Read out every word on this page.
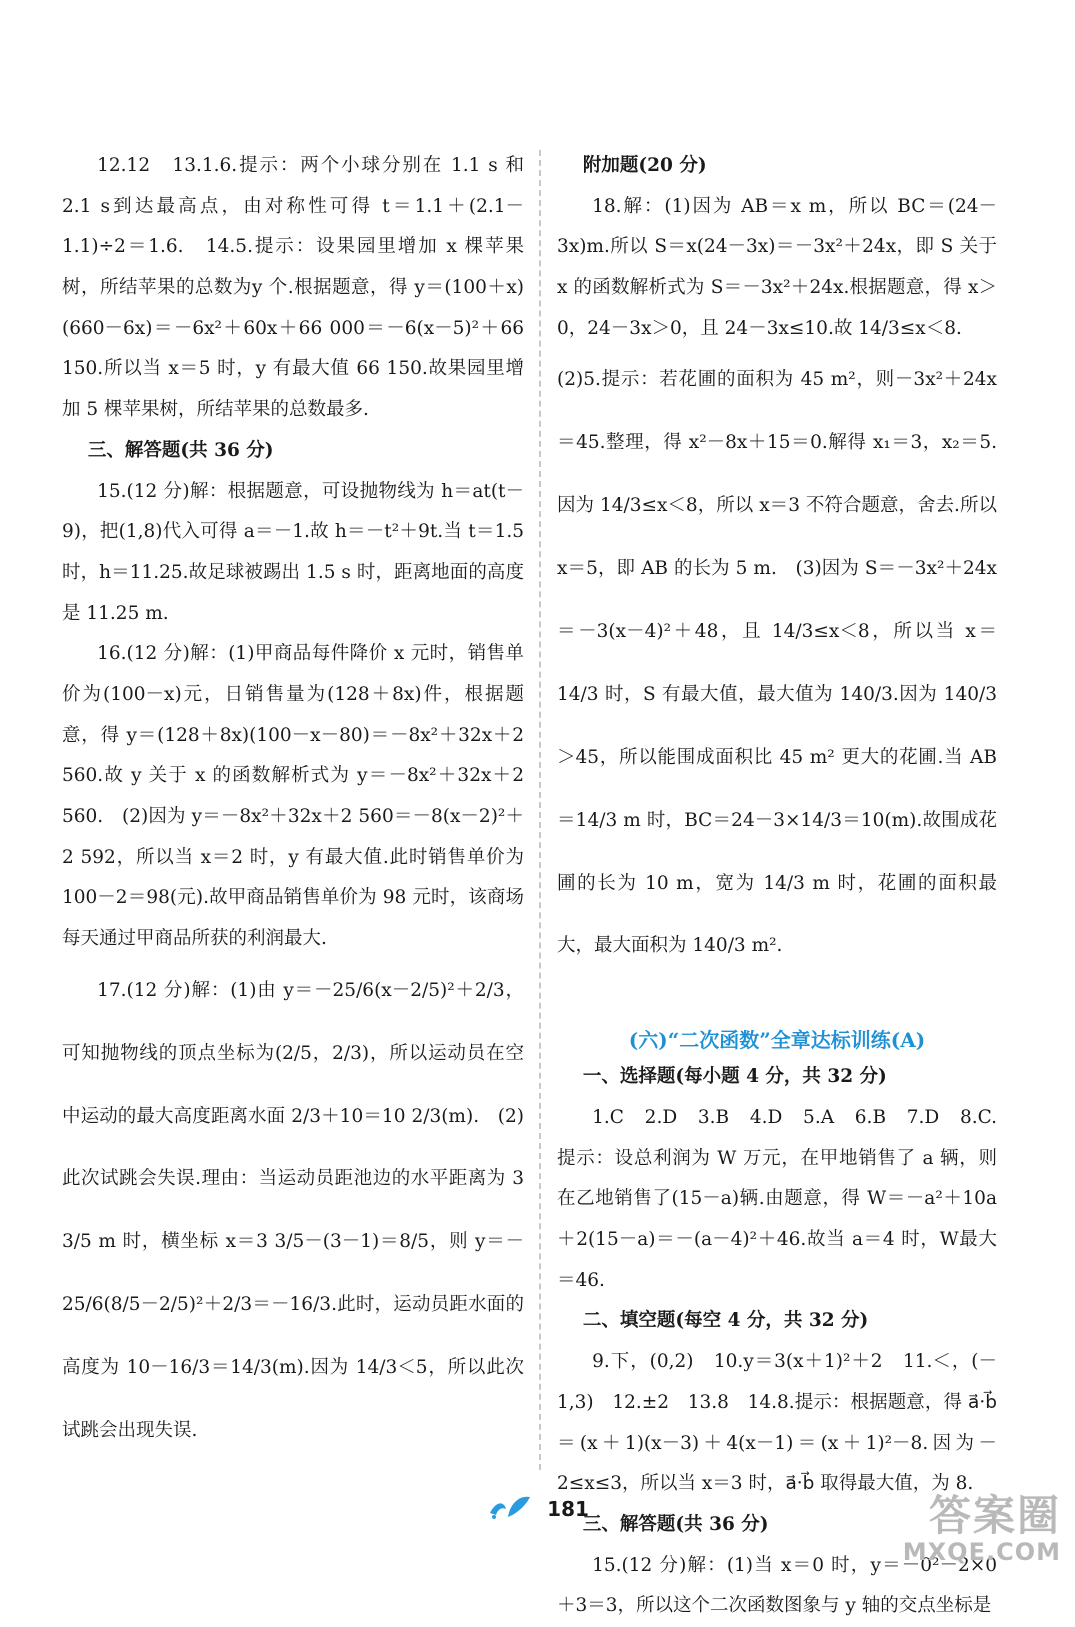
12.12　13.1.6.提示：两个小球分别在 1.1 s 和 2.1 s到达最高点，由对称性可得 t＝1.1＋(2.1－1.1)÷2＝1.6.　14.5.提示：设果园里增加 x 棵苹果树，所结苹果的总数为y 个.根据题意，得 y＝(100＋x)(660－6x)＝－6x²＋60x＋66 000＝－6(x－5)²＋66 150.所以当 x＝5 时，y 有最大值 66 150.故果园里增加 5 棵苹果树，所结苹果的总数最多.

三、解答题(共 36 分)

15.(12 分)解：根据题意，可设抛物线为 h＝at(t－9)，把(1,8)代入可得 a＝－1.故 h＝－t²＋9t.当 t＝1.5 时，h＝11.25.故足球被踢出 1.5 s 时，距离地面的高度是 11.25 m.

16.(12 分)解：(1)甲商品每件降价 x 元时，销售单价为(100－x)元，日销售量为(128＋8x)件，根据题意，得 y＝(128＋8x)(100－x－80)＝－8x²＋32x＋2 560.故 y 关于 x 的函数解析式为 y＝－8x²＋32x＋2 560.　(2)因为 y＝－8x²＋32x＋2 560＝－8(x－2)²＋2 592，所以当 x＝2 时，y 有最大值.此时销售单价为100－2＝98(元).故甲商品销售单价为 98 元时，该商场每天通过甲商品所获的利润最大.

17.(12 分)解：(1)由 y＝－25/6(x－2/5)²＋2/3，可知抛物线的顶点坐标为(2/5，2/3)，所以运动员在空中运动的最大高度距离水面 2/3＋10＝10 2/3(m).　(2)此次试跳会失误.理由：当运动员距池边的水平距离为 3 3/5 m 时，横坐标 x＝3 3/5－(3－1)＝8/5，则 y＝－25/6(8/5－2/5)²＋2/3＝－16/3.此时，运动员距水面的高度为 10－16/3＝14/3(m).因为 14/3＜5，所以此次试跳会出现失误.

附加题(20 分)

18.解：(1)因为 AB＝x m，所以 BC＝(24－3x)m.所以 S＝x(24－3x)＝－3x²＋24x，即 S 关于 x 的函数解析式为 S＝－3x²＋24x.根据题意，得 x＞0，24－3x＞0，且 24－3x≤10.故 14/3≤x＜8.

(2)5.提示：若花圃的面积为 45 m²，则－3x²＋24x＝45.整理，得 x²－8x＋15＝0.解得 x₁＝3，x₂＝5.因为 14/3≤x＜8，所以 x＝3 不符合题意，舍去.所以 x＝5，即 AB 的长为 5 m.　(3)因为 S＝－3x²＋24x＝－3(x－4)²＋48，且 14/3≤x＜8，所以当 x＝14/3 时，S 有最大值，最大值为 140/3.因为 140/3＞45，所以能围成面积比 45 m² 更大的花圃.当 AB＝14/3 m 时，BC＝24－3×14/3＝10(m).故围成花圃的长为 10 m，宽为 14/3 m 时，花圃的面积最大，最大面积为 140/3 m².

(六)“二次函数”全章达标训练(A)

一、选择题(每小题 4 分，共 32 分)

1.C　2.D　3.B　4.D　5.A　6.B　7.D　8.C.提示：设总利润为 W 万元，在甲地销售了 a 辆，则在乙地销售了(15－a)辆.由题意，得 W＝－a²＋10a＋2(15－a)＝－(a－4)²＋46.故当 a＝4 时，W最大＝46.

二、填空题(每空 4 分，共 32 分)

9.下，(0,2)　10.y＝3(x＋1)²＋2　11.＜，(－1,3)　12.±2　13.8　14.8.提示：根据题意，得 a⃗·b⃗＝(x＋1)(x－3)＋4(x－1)＝(x＋1)²－8.因为－2≤x≤3，所以当 x＝3 时，a⃗·b⃗ 取得最大值，为 8.

三、解答题(共 36 分)

15.(12 分)解：(1)当 x＝0 时，y＝－0²－2×0＋3＝3，所以这个二次函数图象与 y 轴的交点坐标是

181	答案圈
MXQE.COM
